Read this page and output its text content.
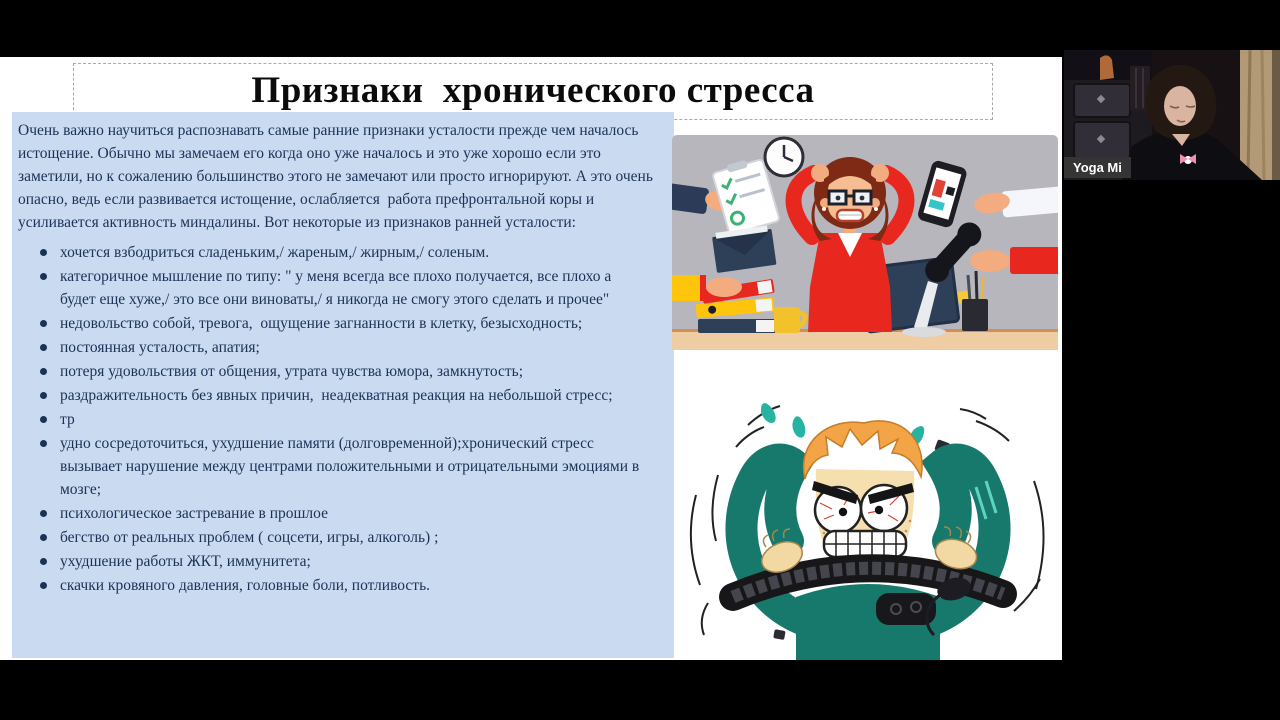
Признаки  хронического стресса

Очень важно научиться распознавать самые ранние признаки усталости прежде чем началось истощение. Обычно мы замечаем его когда оно уже началось и это уже хорошо если это заметили, но к сожалению большинство этого не замечают или просто игнорируют. А это очень опасно, ведь если развивается истощение, ослабляется  работа префронтальной коры и усиливается активность миндалины. Вот некоторые из признаков ранней усталости:

хочется взбодриться сладеньким,/ жареным,/ жирным,/ соленым.
категоричное мышление по типу: " у меня всегда все плохо получается, все плохо а будет еще хуже,/ это все они виноваты,/ я никогда не смогу этого сделать и прочее"
недовольство собой, тревога,  ощущение загнанности в клетку, безысходность;
постоянная усталость, апатия;
потеря удовольствия от общения, утрата чувства юмора, замкнутость;
раздражительность без явных причин,  неадекватная реакция на небольшой стресс;
тр
удно сосредоточиться, ухудшение памяти (долговременной);хронический стресс вызывает нарушение между центрами положительными и отрицательными эмоциями в мозге;
психологическое застревание в прошлое
бегство от реальных проблем ( соцсети, игры, алкоголь) ;
ухудшение работы ЖКТ, иммунитета;
скачки кровяного давления, головные боли, потливость.
Yoga Mi
